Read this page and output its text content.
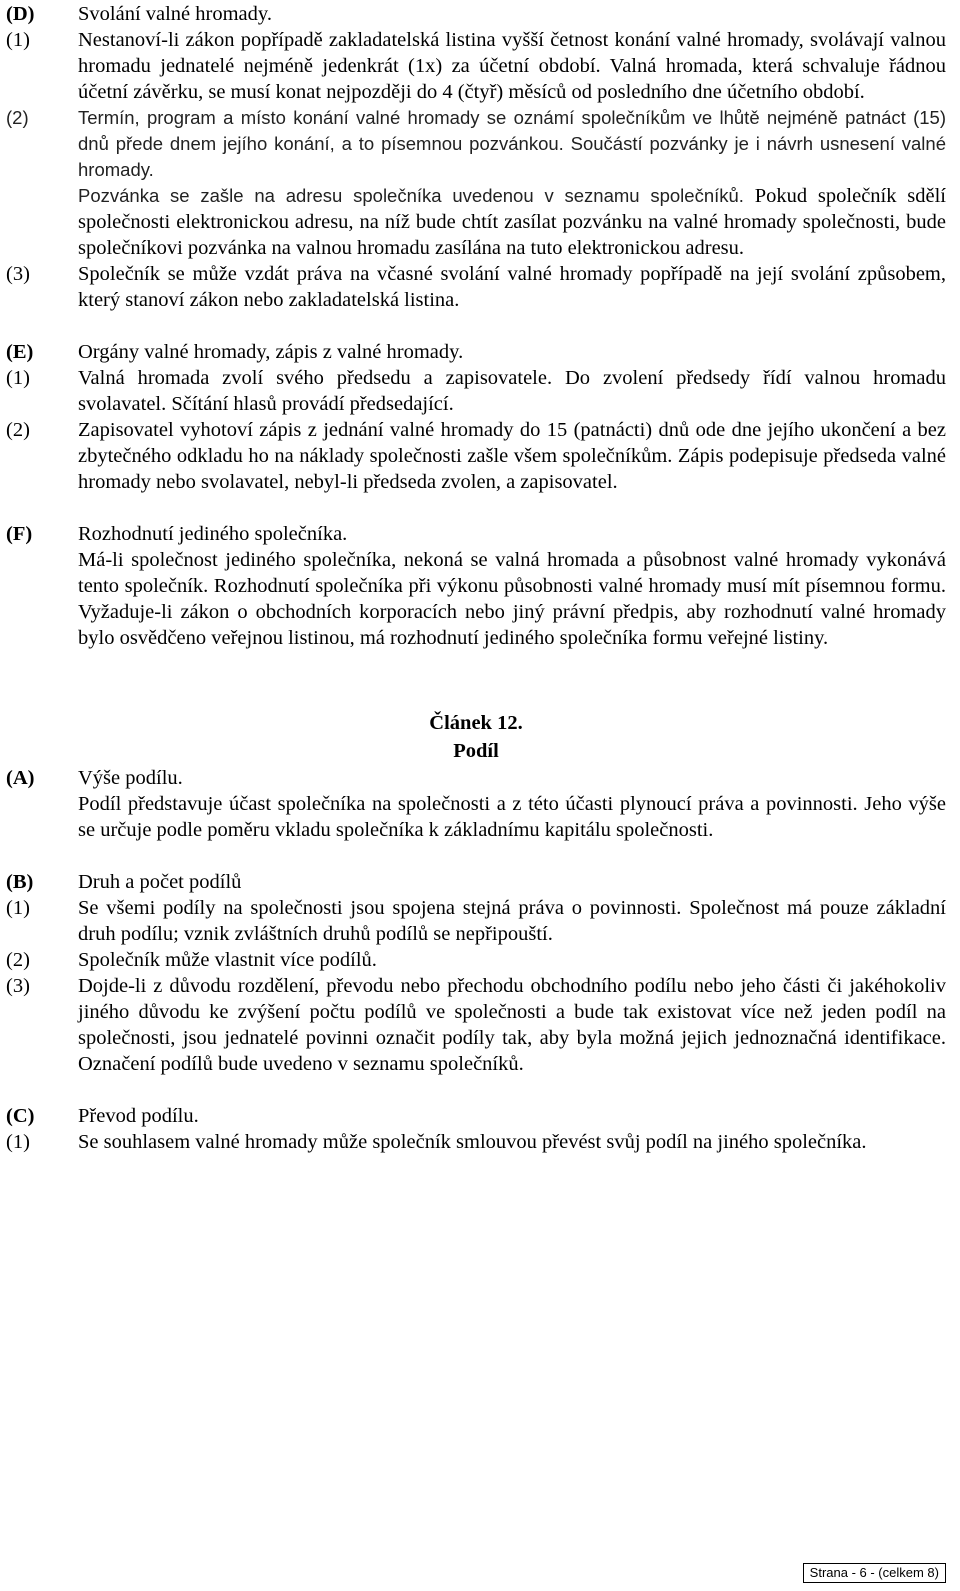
(D)	Svolání valné hromady.
(1)	Nestanoví-li zákon popřípadě zakladatelská listina vyšší četnost konání valné hromady, svolávají valnou hromadu jednatelé nejméně jedenkrát (1x) za účetní období. Valná hromada, která schvaluje řádnou účetní závěrku, se musí konat nejpozději do 4 (čtyř) měsíců od posledního dne účetního období.
(2)	Termín, program a místo konání valné hromady se oznámí společníkům ve lhůtě nejméně patnáct (15) dnů přede dnem jejího konání, a to písemnou pozvánkou. Součástí pozvánky je i návrh usnesení valné hromady.

Pozvánka se zašle na adresu společníka uvedenou v seznamu společníků. Pokud společník sdělí společnosti elektronickou adresu, na níž bude chtít zasílat pozvánku na valné hromady společnosti, bude společníkovi pozvánka na valnou hromadu zasílána na tuto elektronickou adresu.

(3)	Společník se může vzdát práva na včasné svolání valné hromady popřípadě na její svolání způsobem, který stanoví zákon nebo zakladatelská listina.
(E)	Orgány valné hromady, zápis z valné hromady.
(1)	Valná hromada zvolí svého předsedu a zapisovatele. Do zvolení předsedy řídí valnou hromadu svolavatel. Sčítání hlasů provádí předsedající.
(2)	Zapisovatel vyhotoví zápis z jednání valné hromady do 15 (patnácti) dnů ode dne jejího ukončení a bez zbytečného odkladu ho na náklady společnosti zašle všem společníkům. Zápis podepisuje předseda valné hromady nebo svolavatel, nebyl-li předseda zvolen, a zapisovatel.
(F)	Rozhodnutí jediného společníka.
Má-li společnost jediného společníka, nekoná se valná hromada a působnost valné hromady vykonává tento společník. Rozhodnutí společníka při výkonu působnosti valné hromady musí mít písemnou formu. Vyžaduje-li zákon o obchodních korporacích nebo jiný právní předpis, aby rozhodnutí valné hromady bylo osvědčeno veřejnou listinou, má rozhodnutí jediného společníka formu veřejné listiny.
Článek 12.
Podíl
(A)	Výše podílu.
Podíl představuje účast společníka na společnosti a z této účasti plynoucí práva a povinnosti. Jeho výše se určuje podle poměru vkladu společníka k základnímu kapitálu společnosti.
(B)	Druh a počet podílů
(1)	Se všemi podíly na společnosti jsou spojena stejná práva o povinnosti. Společnost má pouze základní druh podílu; vznik zvláštních druhů podílů se nepřipouští.
(2)	Společník může vlastnit více podílů.
(3)	Dojde-li z důvodu rozdělení, převodu nebo přechodu obchodního podílu nebo jeho části či jakéhokoliv jiného důvodu ke zvýšení počtu podílů ve společnosti a bude tak existovat více než jeden podíl na společnosti, jsou jednatelé povinni označit podíly tak, aby byla možná jejich jednoznačná identifikace. Označení podílů bude uvedeno v seznamu společníků.
(C)	Převod podílu.
(1)	Se souhlasem valné hromady může společník smlouvou převést svůj podíl na jiného společníka.
Strana - 6 - (celkem 8)
